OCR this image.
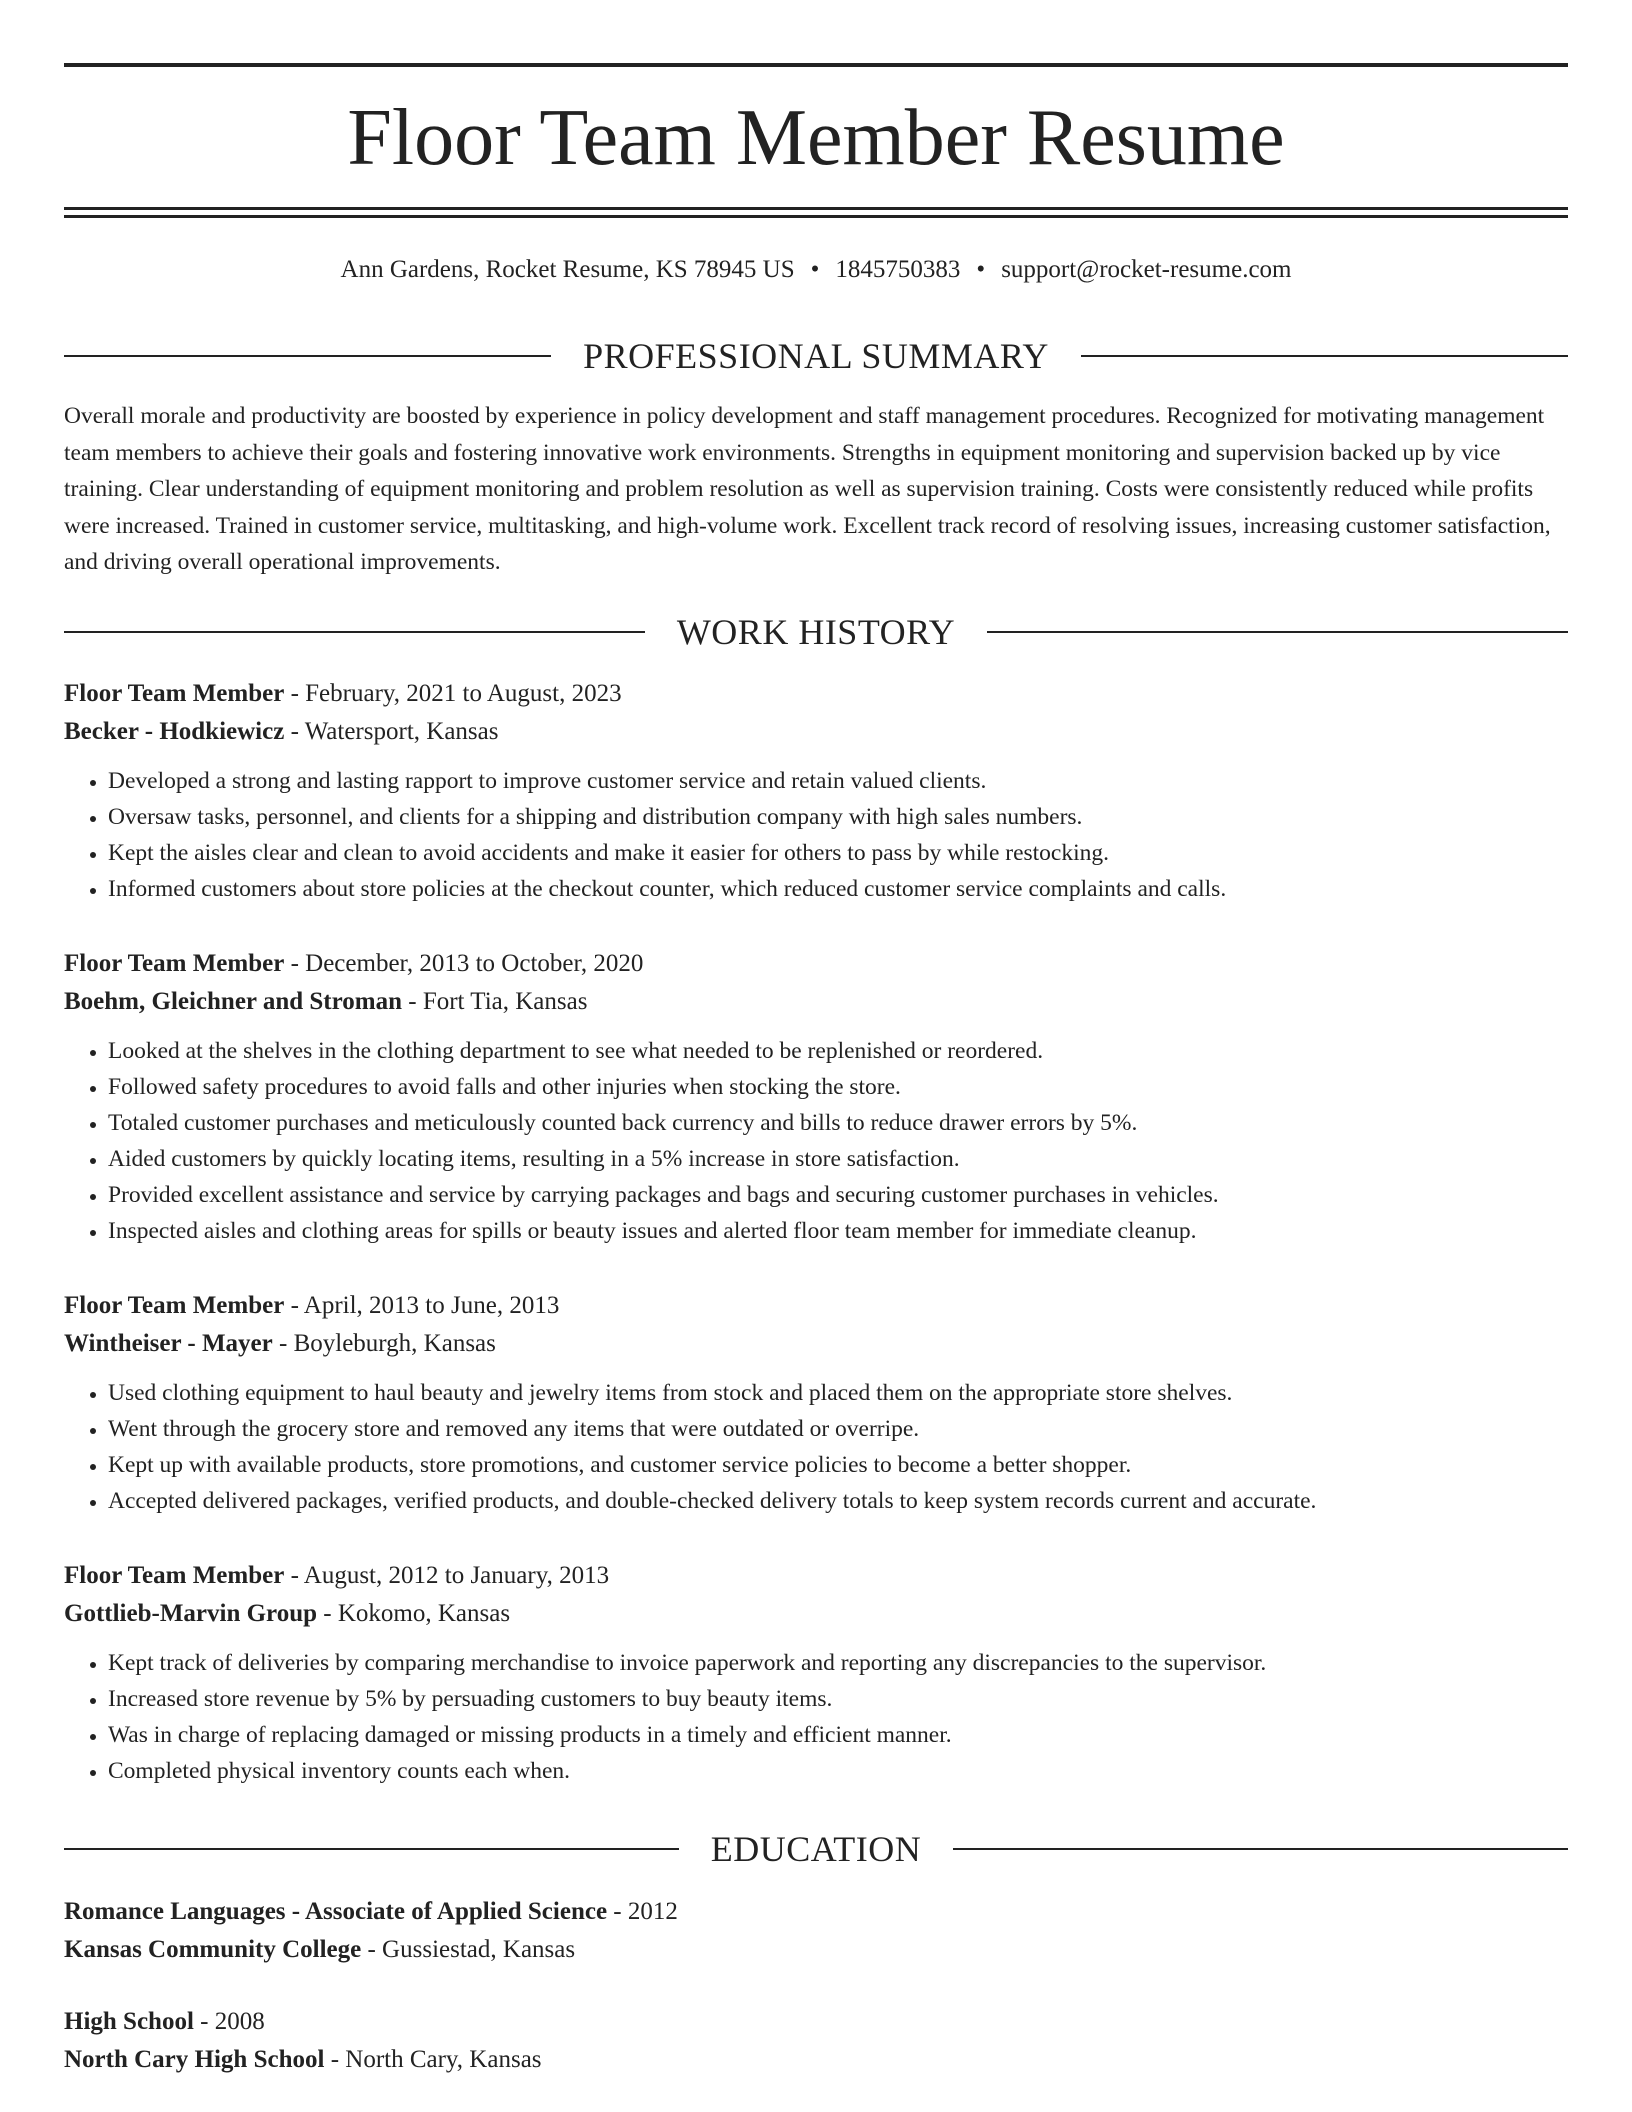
Floor Team Member Resume
Ann Gardens, Rocket Resume, KS 78945 US • 1845750383 • support@rocket-resume.com
PROFESSIONAL SUMMARY

Overall morale and productivity are boosted by experience in policy development and staff management procedures. Recognized for motivating management team members to achieve their goals and fostering innovative work environments. Strengths in equipment monitoring and supervision backed up by vice training. Clear understanding of equipment monitoring and problem resolution as well as supervision training. Costs were consistently reduced while profits were increased. Trained in customer service, multitasking, and high-volume work. Excellent track record of resolving issues, increasing customer satisfaction, and driving overall operational improvements.

WORK HISTORY

Floor Team Member - February, 2021 to August, 2023

Becker - Hodkiewicz - Watersport, Kansas

• Developed a strong and lasting rapport to improve customer service and retain valued clients.
• Oversaw tasks, personnel, and clients for a shipping and distribution company with high sales numbers.
• Kept the aisles clear and clean to avoid accidents and make it easier for others to pass by while restocking.
• Informed customers about store policies at the checkout counter, which reduced customer service complaints and calls.

Floor Team Member - December, 2013 to October, 2020

Boehm, Gleichner and Stroman - Fort Tia, Kansas

• Looked at the shelves in the clothing department to see what needed to be replenished or reordered.
• Followed safety procedures to avoid falls and other injuries when stocking the store.
• Totaled customer purchases and meticulously counted back currency and bills to reduce drawer errors by 5%.
• Aided customers by quickly locating items, resulting in a 5% increase in store satisfaction.
• Provided excellent assistance and service by carrying packages and bags and securing customer purchases in vehicles.
• Inspected aisles and clothing areas for spills or beauty issues and alerted floor team member for immediate cleanup.

Floor Team Member - April, 2013 to June, 2013

Wintheiser - Mayer - Boyleburgh, Kansas

• Used clothing equipment to haul beauty and jewelry items from stock and placed them on the appropriate store shelves.
• Went through the grocery store and removed any items that were outdated or overripe.
• Kept up with available products, store promotions, and customer service policies to become a better shopper.
• Accepted delivered packages, verified products, and double-checked delivery totals to keep system records current and accurate.

Floor Team Member - August, 2012 to January, 2013

Gottlieb-Marvin Group - Kokomo, Kansas

• Kept track of deliveries by comparing merchandise to invoice paperwork and reporting any discrepancies to the supervisor.
• Increased store revenue by 5% by persuading customers to buy beauty items.
• Was in charge of replacing damaged or missing products in a timely and efficient manner.
• Completed physical inventory counts each when.
EDUCATION

Romance Languages - Associate of Applied Science - 2012

Kansas Community College - Gussiestad, Kansas

High School - 2008

North Cary High School - North Cary, Kansas
